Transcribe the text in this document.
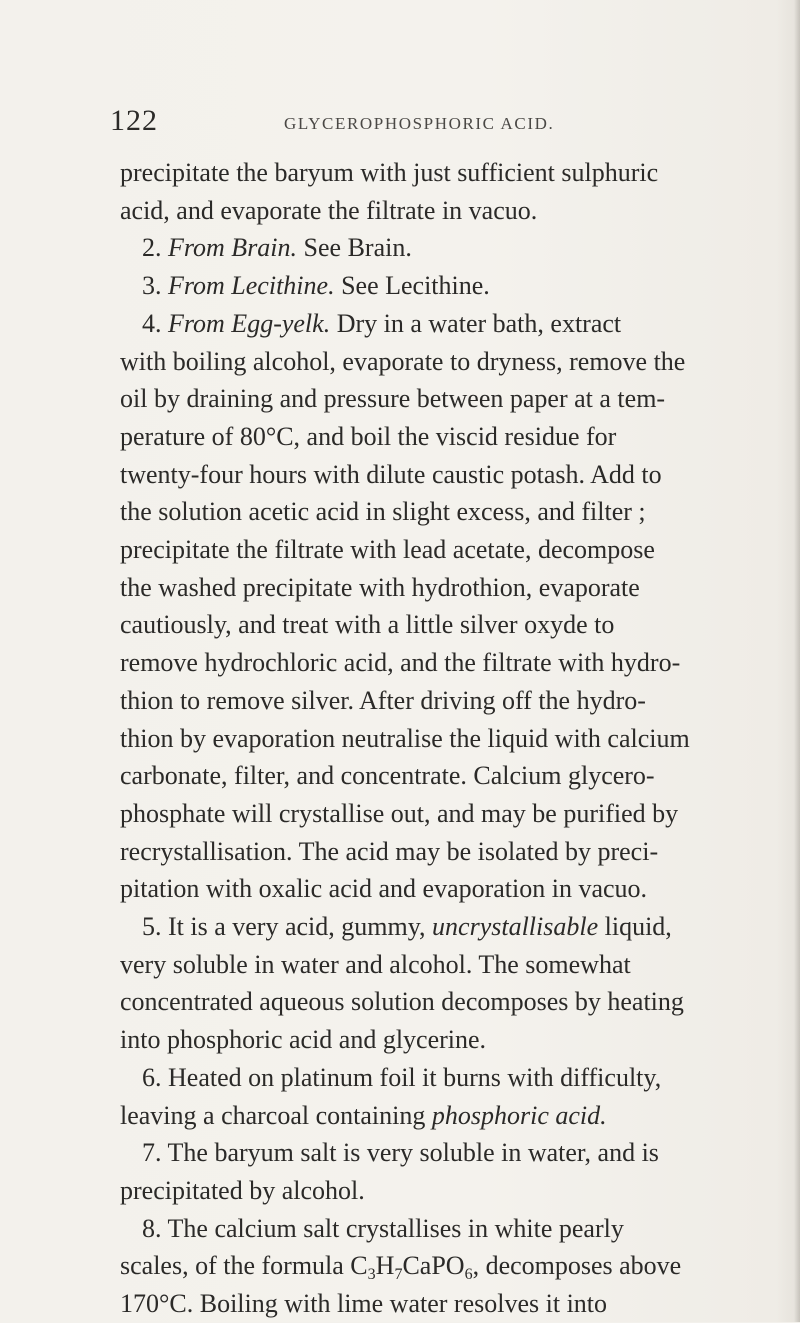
122	GLYCEROPHOSPHORIC ACID.
precipitate the baryum with just sufficient sulphuric
acid, and evaporate the filtrate in vacuo.
2. From Brain. See Brain.
3. From Lecithine. See Lecithine.
4. From Egg-yelk. Dry in a water bath, extract
with boiling alcohol, evaporate to dryness, remove the
oil by draining and pressure between paper at a tem-
perature of 80°C, and boil the viscid residue for
twenty-four hours with dilute caustic potash. Add to
the solution acetic acid in slight excess, and filter ;
precipitate the filtrate with lead acetate, decompose
the washed precipitate with hydrothion, evaporate
cautiously, and treat with a little silver oxyde to
remove hydrochloric acid, and the filtrate with hydro-
thion to remove silver. After driving off the hydro-
thion by evaporation neutralise the liquid with calcium
carbonate, filter, and concentrate. Calcium glycero-
phosphate will crystallise out, and may be purified by
recrystallisation. The acid may be isolated by preci-
pitation with oxalic acid and evaporation in vacuo.
5. It is a very acid, gummy, uncrystallisable liquid,
very soluble in water and alcohol. The somewhat
concentrated aqueous solution decomposes by heating
into phosphoric acid and glycerine.
6. Heated on platinum foil it burns with difficulty,
leaving a charcoal containing phosphoric acid.
7. The baryum salt is very soluble in water, and is
precipitated by alcohol.
8. The calcium salt crystallises in white pearly
scales, of the formula $C_3H_7CaPO_6$, decomposes above
170°C. Boiling with lime water resolves it into
